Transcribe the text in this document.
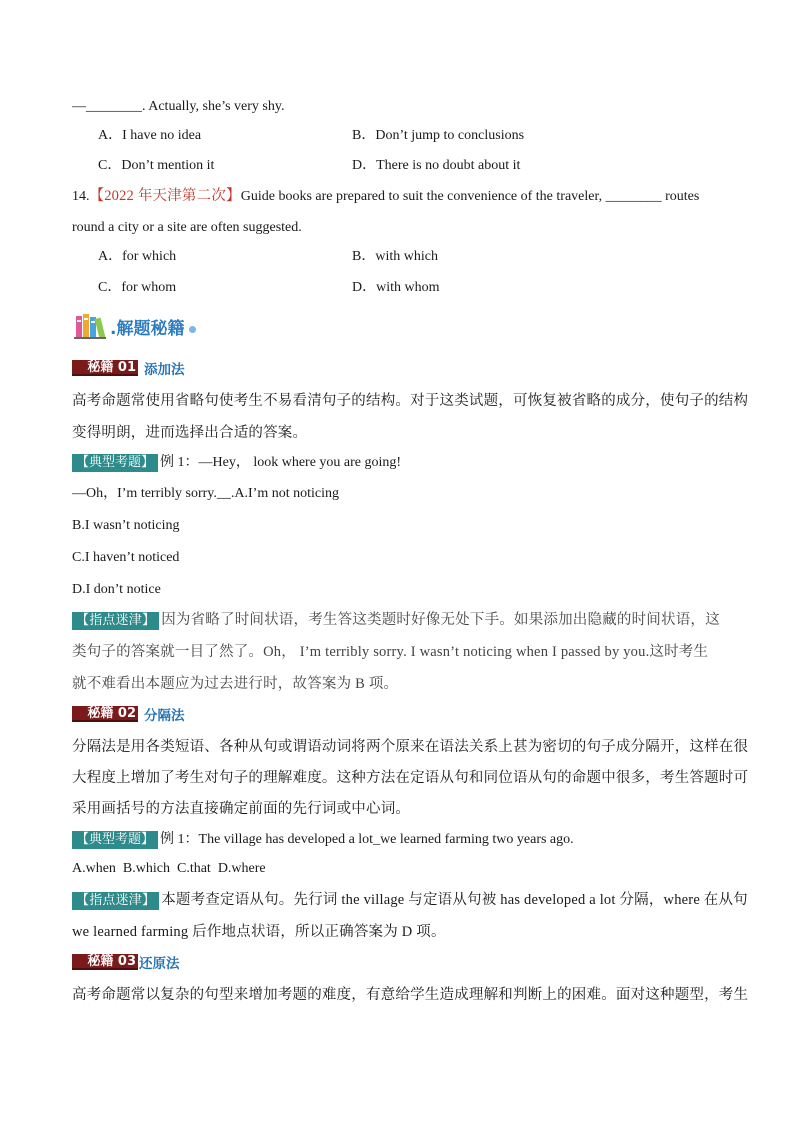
—________. Actually, she’s very shy.
A．I have no idea	B．Don’t jump to conclusions
C．Don’t mention it	D．There is no doubt about it
14.【2022 年天津第二次】Guide books are prepared to suit the convenience of the traveler, ________ routes
round a city or a site are often suggested.
A．for which	B．with which
C．for whom	D．with whom
.解题秘籍
秘籍 01 添加法
高考命题常使用省略句使考生不易看清句子的结构。对于这类试题，可恢复被省略的成分，使句子的结构
变得明朗，进而选择出合适的答案。
【典型考题】 例 1：—Hey， look where you are going!
—Oh，I’m terribly sorry.__.A.I’m not noticing
B.I wasn’t noticing
C.I haven’t noticed
D.I don’t notice
【指点迷津】 因为省略了时间状语，考生答这类题时好像无处下手。如果添加出隐藏的时间状语，这
类句子的答案就一目了然了。Oh， I’m terribly sorry. I wasn’t noticing when I passed by you.这时考生
就不难看出本题应为过去进行时，故答案为 B 项。
秘籍 02 分隔法
分隔法是用各类短语、各种从句或谓语动词将两个原来在语法关系上甚为密切的句子成分隔开，这样在很
大程度上增加了考生对句子的理解难度。这种方法在定语从句和同位语从句的命题中很多，考生答题时可
采用画括号的方法直接确定前面的先行词或中心词。
【典型考题】 例 1：The village has developed a lot_we learned farming two years ago.
A.when  B.which  C.that  D.where
【指点迷津】 本题考查定语从句。先行词 the village 与定语从句被 has developed a lot 分隔，where 在从句
we learned farming 后作地点状语，所以正确答案为 D 项。
秘籍 03 还原法
高考命题常以复杂的句型来增加考题的难度，有意给学生造成理解和判断上的困难。面对这种题型，考生
